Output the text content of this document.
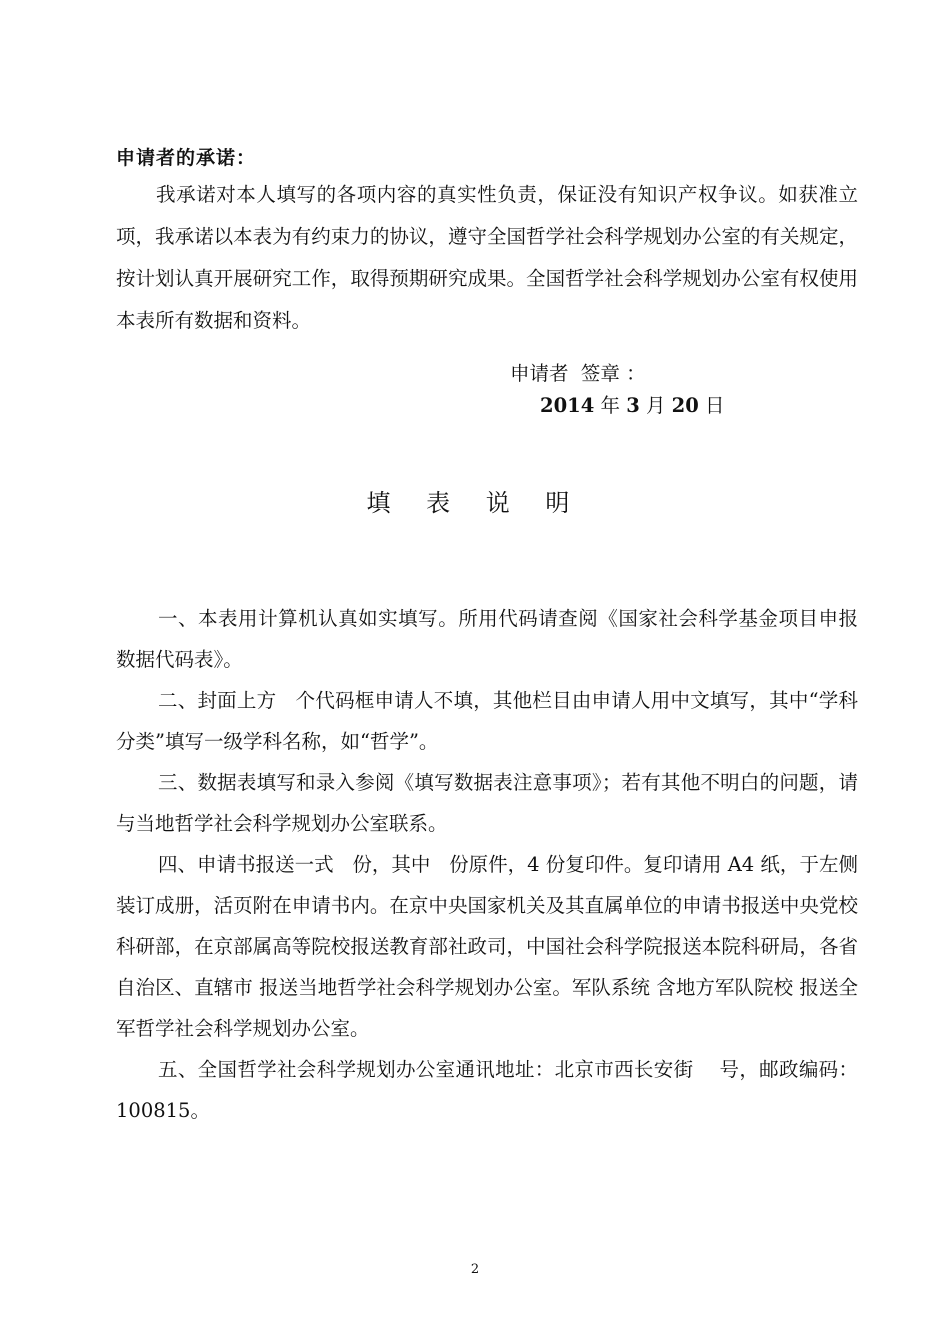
申请者的承诺：
我承诺对本人填写的各项内容的真实性负责，保证没有知识产权争议。如获准立项，我承诺以本表为有约束力的协议，遵守全国哲学社会科学规划办公室的有关规定，按计划认真开展研究工作，取得预期研究成果。全国哲学社会科学规划办公室有权使用本表所有数据和资料。
申请者  签章 ：
2014 年 3 月 20 日
填 表 说 明

一、本表用计算机认真如实填写。所用代码请查阅《国家社会科学基金项目申报数据代码表》。

二、封面上方   个代码框申请人不填，其他栏目由申请人用中文填写，其中“学科分类”填写一级学科名称，如“哲学”。

三、数据表填写和录入参阅《填写数据表注意事项》；若有其他不明白的问题，请与当地哲学社会科学规划办公室联系。

四、申请书报送一式   份，其中   份原件，4 份复印件。复印请用 A4 纸，于左侧装订成册，活页附在申请书内。在京中央国家机关及其直属单位的申请书报送中央党校科研部，在京部属高等院校报送教育部社政司，中国社会科学院报送本院科研局，各省 自治区、直辖市 报送当地哲学社会科学规划办公室。军队系统 含地方军队院校 报送全军哲学社会科学规划办公室。

五、全国哲学社会科学规划办公室通讯地址：北京市西长安街    号，邮政编码：100815。

2
